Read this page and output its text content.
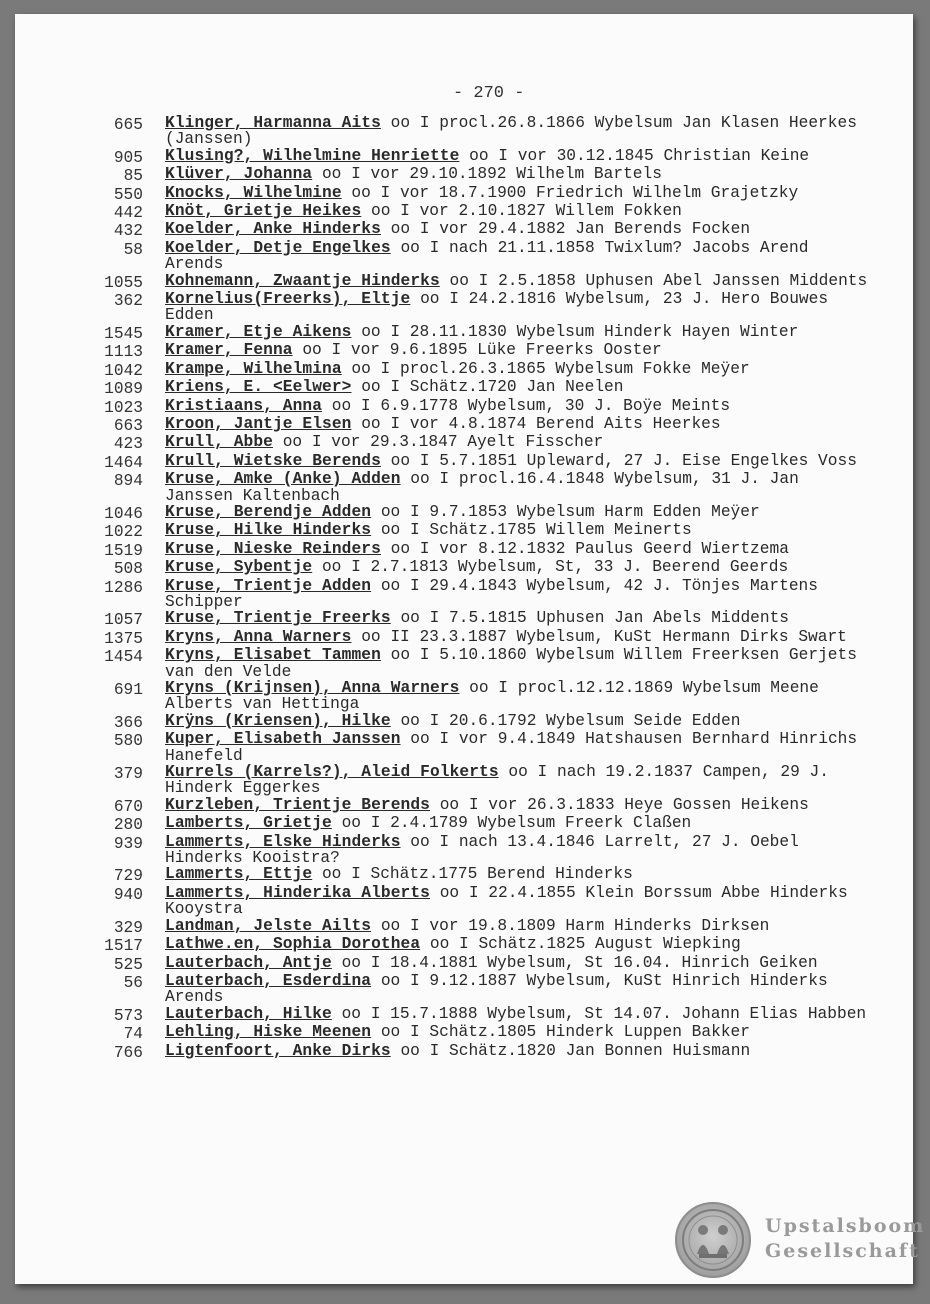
- 270 -
665 Klinger, Harmanna Aits oo I procl.26.8.1866 Wybelsum Jan Klasen Heerkes (Janssen)
905 Klusing?, Wilhelmine Henriette oo I vor 30.12.1845 Christian Keine
85 Klüver, Johanna oo I vor 29.10.1892 Wilhelm Bartels
550 Knocks, Wilhelmine oo I vor 18.7.1900 Friedrich Wilhelm Grajetzky
442 Knöt, Grietje Heikes oo I vor 2.10.1827 Willem Fokken
432 Koelder, Anke Hinderks oo I vor 29.4.1882 Jan Berends Focken
58 Koelder, Detje Engelkes oo I nach 21.11.1858 Twixlum? Jacobs Arend Arends
1055 Kohnemann, Zwaantje Hinderks oo I 2.5.1858 Uphusen Abel Janssen Middents
362 Kornelius(Freerks), Eltje oo I 24.2.1816 Wybelsum, 23 J. Hero Bouwes Edden
1545 Kramer, Etje Aikens oo I 28.11.1830 Wybelsum Hinderk Hayen Winter
1113 Kramer, Fenna oo I vor 9.6.1895 Lüke Freerks Ooster
1042 Krampe, Wilhelmina oo I procl.26.3.1865 Wybelsum Fokke Meÿer
1089 Kriens, E. <Eelwer> oo I Schätz.1720 Jan Neelen
1023 Kristiaans, Anna oo I 6.9.1778 Wybelsum, 30 J. Boÿe Meints
663 Kroon, Jantje Elsen oo I vor 4.8.1874 Berend Aits Heerkes
423 Krull, Abbe oo I vor 29.3.1847 Ayelt Fisscher
1464 Krull, Wietske Berends oo I 5.7.1851 Upleward, 27 J. Eise Engelkes Voss
894 Kruse, Amke (Anke) Adden oo I procl.16.4.1848 Wybelsum, 31 J. Jan Janssen Kaltenbach
1046 Kruse, Berendje Adden oo I 9.7.1853 Wybelsum Harm Edden Meÿer
1022 Kruse, Hilke Hinderks oo I Schätz.1785 Willem Meinerts
1519 Kruse, Nieske Reinders oo I vor 8.12.1832 Paulus Geerd Wiertzema
508 Kruse, Sybentje oo I 2.7.1813 Wybelsum, St, 33 J. Beerend Geerds
1286 Kruse, Trientje Adden oo I 29.4.1843 Wybelsum, 42 J. Tönjes Martens Schipper
1057 Kruse, Trientje Freerks oo I 7.5.1815 Uphusen Jan Abels Middents
1375 Kryns, Anna Warners oo II 23.3.1887 Wybelsum, KuSt Hermann Dirks Swart
1454 Kryns, Elisabet Tammen oo I 5.10.1860 Wybelsum Willem Freerksen Gerjets van den Velde
691 Kryns (Krijnsen), Anna Warners oo I procl.12.12.1869 Wybelsum Meene Alberts van Hettinga
366 Krÿns (Kriensen), Hilke oo I 20.6.1792 Wybelsum Seide Edden
580 Kuper, Elisabeth Janssen oo I vor 9.4.1849 Hatshausen Bernhard Hinrichs Hanefeld
379 Kurrels (Karrels?), Aleid Folkerts oo I nach 19.2.1837 Campen, 29 J. Hinderk Eggerkes
670 Kurzleben, Trientje Berends oo I vor 26.3.1833 Heye Gossen Heikens
280 Lamberts, Grietje oo I 2.4.1789 Wybelsum Freerk Claßen
939 Lammerts, Elske Hinderks oo I nach 13.4.1846 Larrelt, 27 J. Oebel Hinderks Kooistra?
729 Lammerts, Ettje oo I Schätz.1775 Berend Hinderks
940 Lammerts, Hinderika Alberts oo I 22.4.1855 Klein Borssum Abbe Hinderks Kooystra
329 Landman, Jelste Ailts oo I vor 19.8.1809 Harm Hinderks Dirksen
1517 Lathwe.en, Sophia Dorothea oo I Schätz.1825 August Wiepking
525 Lauterbach, Antje oo I 18.4.1881 Wybelsum, St 16.04. Hinrich Geiken
56 Lauterbach, Esderdina oo I 9.12.1887 Wybelsum, KuSt Hinrich Hinderks Arends
573 Lauterbach, Hilke oo I 15.7.1888 Wybelsum, St 14.07. Johann Elias Habben
74 Lehling, Hiske Meenen oo I Schätz.1805 Hinderk Luppen Bakker
766 Ligtenfoort, Anke Dirks oo I Schätz.1820 Jan Bonnen Huismann
Upstalsboom
Gesellschaft
